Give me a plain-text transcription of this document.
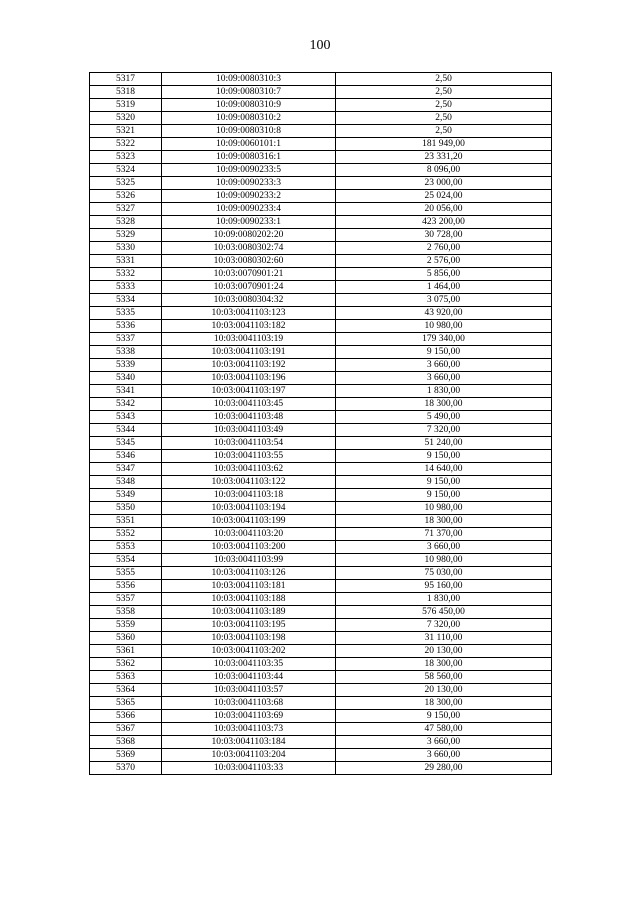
100
5317	10:09:0080310:3	2,50
5318	10:09:0080310:7	2,50
5319	10:09:0080310:9	2,50
5320	10:09:0080310:2	2,50
5321	10:09:0080310:8	2,50
5322	10:09:0060101:1	181 949,00
5323	10:09:0080316:1	23 331,20
5324	10:09:0090233:5	8 096,00
5325	10:09:0090233:3	23 000,00
5326	10:09:0090233:2	25 024,00
5327	10:09:0090233:4	20 056,00
5328	10:09:0090233:1	423 200,00
5329	10:09:0080202:20	30 728,00
5330	10:03:0080302:74	2 760,00
5331	10:03:0080302:60	2 576,00
5332	10:03:0070901:21	5 856,00
5333	10:03:0070901:24	1 464,00
5334	10:03:0080304:32	3 075,00
5335	10:03:0041103:123	43 920,00
5336	10:03:0041103:182	10 980,00
5337	10:03:0041103:19	179 340,00
5338	10:03:0041103:191	9 150,00
5339	10:03:0041103:192	3 660,00
5340	10:03:0041103:196	3 660,00
5341	10:03:0041103:197	1 830,00
5342	10:03:0041103:45	18 300,00
5343	10:03:0041103:48	5 490,00
5344	10:03:0041103:49	7 320,00
5345	10:03:0041103:54	51 240,00
5346	10:03:0041103:55	9 150,00
5347	10:03:0041103:62	14 640,00
5348	10:03:0041103:122	9 150,00
5349	10:03:0041103:18	9 150,00
5350	10:03:0041103:194	10 980,00
5351	10:03:0041103:199	18 300,00
5352	10:03:0041103:20	71 370,00
5353	10:03:0041103:200	3 660,00
5354	10:03:0041103:99	10 980,00
5355	10:03:0041103:126	75 030,00
5356	10:03:0041103:181	95 160,00
5357	10:03:0041103:188	1 830,00
5358	10:03:0041103:189	576 450,00
5359	10:03:0041103:195	7 320,00
5360	10:03:0041103:198	31 110,00
5361	10:03:0041103:202	20 130,00
5362	10:03:0041103:35	18 300,00
5363	10:03:0041103:44	58 560,00
5364	10:03:0041103:57	20 130,00
5365	10:03:0041103:68	18 300,00
5366	10:03:0041103:69	9 150,00
5367	10:03:0041103:73	47 580,00
5368	10:03:0041103:184	3 660,00
5369	10:03:0041103:204	3 660,00
5370	10:03:0041103:33	29 280,00
